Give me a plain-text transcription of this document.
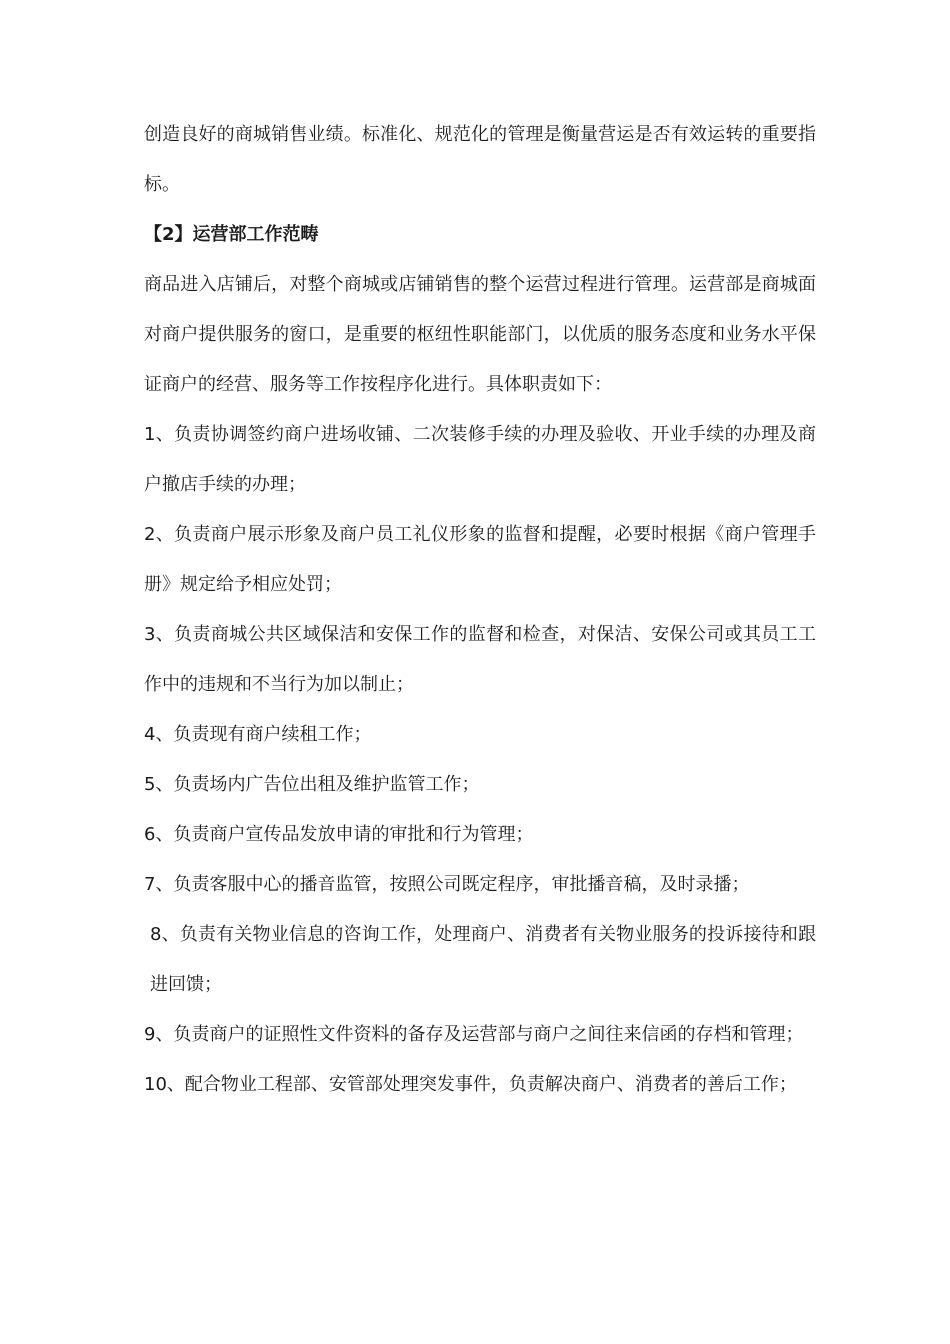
创造良好的商城销售业绩。标准化、规范化的管理是衡量营运是否有效运转的重要指标。

【2】运营部工作范畴

商品进入店铺后，对整个商城或店铺销售的整个运营过程进行管理。运营部是商城面对商户提供服务的窗口，是重要的枢纽性职能部门，以优质的服务态度和业务水平保证商户的经营、服务等工作按程序化进行。具体职责如下：

1、负责协调签约商户进场收铺、二次装修手续的办理及验收、开业手续的办理及商户撤店手续的办理；

2、负责商户展示形象及商户员工礼仪形象的监督和提醒，必要时根据《商户管理手册》规定给予相应处罚；

3、负责商城公共区域保洁和安保工作的监督和检查，对保洁、安保公司或其员工工作中的违规和不当行为加以制止；

4、负责现有商户续租工作；

5、负责场内广告位出租及维护监管工作；

6、负责商户宣传品发放申请的审批和行为管理；

7、负责客服中心的播音监管，按照公司既定程序，审批播音稿，及时录播；

8、负责有关物业信息的咨询工作，处理商户、消费者有关物业服务的投诉接待和跟进回馈；

9、负责商户的证照性文件资料的备存及运营部与商户之间往来信函的存档和管理；

10、配合物业工程部、安管部处理突发事件，负责解决商户、消费者的善后工作；
